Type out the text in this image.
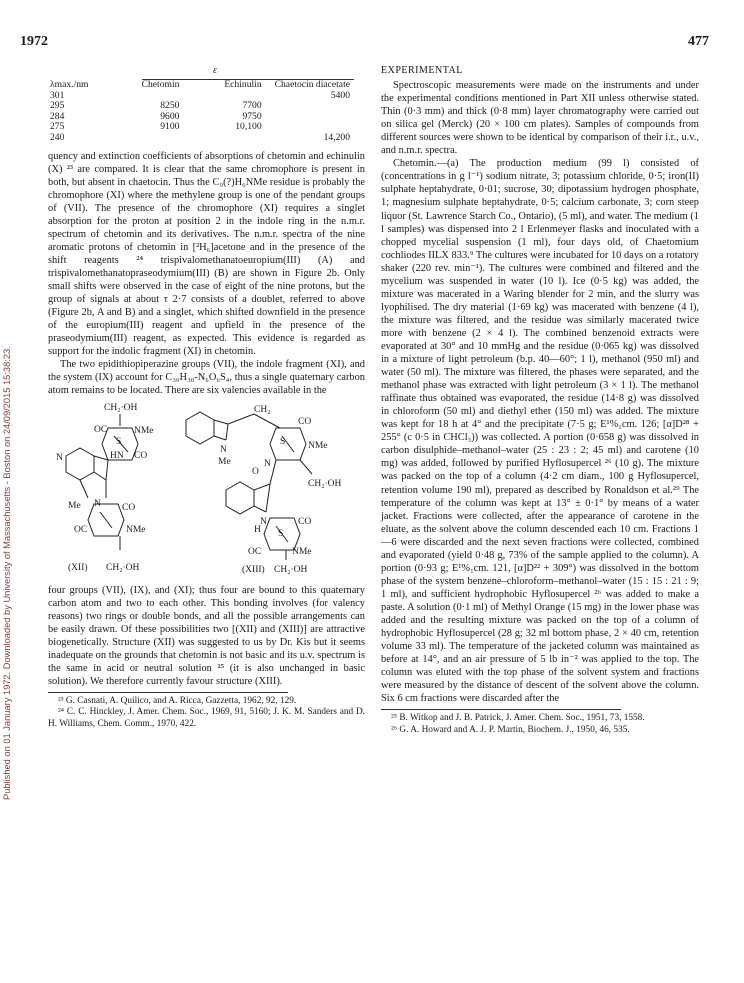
1972	477
Published on 01 January 1972. Downloaded by University of Massachusetts - Boston on 24/09/2015 15:38:23.
ε
λmax./nm	Chetomin	Echinulin	Chaetocin diacetate
301			5400
295	8250	7700	
284	9600	9750	
275	9100	10,100	
240			14,200

quency and extinction coefficients of absorptions of chetomin and echinulin (X) ²³ are compared. It is clear that the same chromophore is present in both, but absent in chaetocin. Thus the C₉(?)H₆NMe residue is probably the chromophore (XI) where the methylene group is one of the pendant groups of (VII). The presence of the chromophore (XI) requires a singlet absorption for the proton at position 2 in the indole ring in the n.m.r. spectrum of chetomin and its derivatives. The n.m.r. spectra of the nine aromatic protons of chetomin in [²H₆]acetone and in the presence of the shift reagents ²⁴ trispivalomethanatoeuropium(III) (A) and trispivalomethanatopraseodymium(III) (B) are shown in Figure 2b. Only small shifts were observed in the case of eight of the nine protons, but the group of signals at about τ 2·7 consists of a doublet, referred to above (Figure 2b, A and B) and a singlet, which shifted downfield in the presence of the europium(III) reagent and upfield in the presence of the praseodymium(III) reagent, as expected. This evidence is regarded as support for the indolic fragment (XI) in chetomin.

The two epidithiopiperazine groups (VII), the indole fragment (XI), and the system (IX) account for C₃₀H₃₀-N₆O₆S₄, thus a single quaternary carbon atom remains to be located. There are six valencies available in the

CH₂·OH
OC	NMe
S
HN CO
N
Me N CO
OC	NMe
(XII) CH₂·OH
CH₂
CO
S NMe
N
Me	N
O
CH₂·OH
N	CO
H S
OC	NMe
(XIII) CH₂·OH

four groups (VII), (IX), and (XI); thus four are bound to this quaternary carbon atom and two to each other. This bonding involves (for valency reasons) two rings or double bonds, and all the possible arrangements can be easily drawn. Of these possibilities two [(XII) and (XIII)] are attractive biogenetically. Structure (XII) was suggested to us by Dr. Kis but it seems inadequate on the grounds that chetomin is not basic and its u.v. spectrum is the same in acid or neutral solution ²⁵ (it is also unchanged in basic solution). We therefore currently favour structure (XIII).

²³ G. Casnati, A. Quilico, and A. Ricca, Gazzetta, 1962, 92, 129.

²⁴ C. C. Hinckley, J. Amer. Chem. Soc., 1969, 91, 5160; J. K. M. Sanders and D. H. Williams, Chem. Comm., 1970, 422.

EXPERIMENTAL

Spectroscopic measurements were made on the instruments and under the experimental conditions mentioned in Part XII unless otherwise stated. Thin (0·3 mm) and thick (0·8 mm) layer chromatography were carried out on silica gel (Merck) (20 × 100 cm plates). Samples of compounds from different sources were shown to be identical by comparison of their i.r., u.v., and n.m.r. spectra.

Chetomin.—(a) The production medium (99 l) consisted of (concentrations in g l⁻¹) sodium nitrate, 3; potassium chloride, 0·5; iron(II) sulphate heptahydrate, 0·01; sucrose, 30; dipotassium hydrogen phosphate, 1; magnesium sulphate heptahydrate, 0·5; calcium carbonate, 3; corn steep liquor (St. Lawrence Starch Co., Ontario), (5 ml), and water. The medium (1 l samples) was dispensed into 2 l Erlenmeyer flasks and inoculated with a chopped mycelial suspension (1 ml), four days old, of Chaetomium cochliodes IILX 833.⁹ The cultures were incubated for 10 days on a rotatory shaker (220 rev. min⁻¹). The cultures were combined and filtered and the mycelium was suspended in water (10 l). Ice (0·5 kg) was added, the mixture was macerated in a Waring blender for 2 min, and the slurry was lyophilised. The dry material (1·69 kg) was macerated with benzene (4 l), the mixture was filtered, and the residue was similarly macerated twice more with benzene (2 × 4 l). The combined benzenoid extracts were evaporated at 30° and 10 mmHg and the residue (0·065 kg) was dissolved in a mixture of light petroleum (b.p. 40—60°; 1 l), methanol (950 ml) and water (50 ml). The mixture was filtered, the phases were separated, and the methanol phase was extracted with light petroleum (3 × 1 l). The methanol raffinate thus obtained was evaporated, the residue (14·8 g) was dissolved in chloroform (50 ml) and diethyl ether (150 ml) was added. The mixture was kept for 18 h at 4° and the precipitate (7·5 g; E¹%₁cm. 126; [α]D²⁸ + 255° (c 0·5 in CHCl₃)) was collected. A portion (0·658 g) was dissolved in carbon disulphide–methanol–water (25 : 23 : 2; 45 ml) and carotene (10 mg) was added, followed by purified Hyflosupercel ²⁶ (10 g). The mixture was packed on the top of a column (4·2 cm diam., 100 g Hyflosupercel, retention volume 190 ml), prepared as described by Ronaldson et al.²⁹ The temperature of the column was kept at 13° ± 0·1° by means of a water jacket. Fractions were collected, after the appearance of carotene in the eluate, as the solvent above the column descended each 10 cm. Fractions 1—6 were discarded and the next seven fractions were collected, combined and evaporated (yield 0·48 g, 73% of the sample applied to the column). A portion (0·93 g; E¹%₁cm. 121, [α]D²² + 309°) was dissolved in the bottom phase of the system benzene–chloroform–methanol–water (15 : 15 : 21 : 9; 1 ml), and sufficient hydrophobic Hyflosupercel ²⁶ was added to make a paste. A solution (0·1 ml) of Methyl Orange (15 mg) in the lower phase was added and the resulting mixture was packed on the top of a column of hydrophobic Hyflosupercel (28 g; 32 ml bottom phase, 2 × 40 cm, retention volume 33 ml). The temperature of the jacketed column was maintained as before at 14°, and an air pressure of 5 lb in⁻² was applied to the top. The column was eluted with the top phase of the solvent system and fractions were measured by the distance of descent of the solvent above the column. Six 6 cm fractions were discarded after the

²⁵ B. Witkop and J. B. Patrick, J. Amer. Chem. Soc., 1951, 73, 1558.

²⁶ G. A. Howard and A. J. P. Martin, Biochem. J., 1950, 46, 535.
